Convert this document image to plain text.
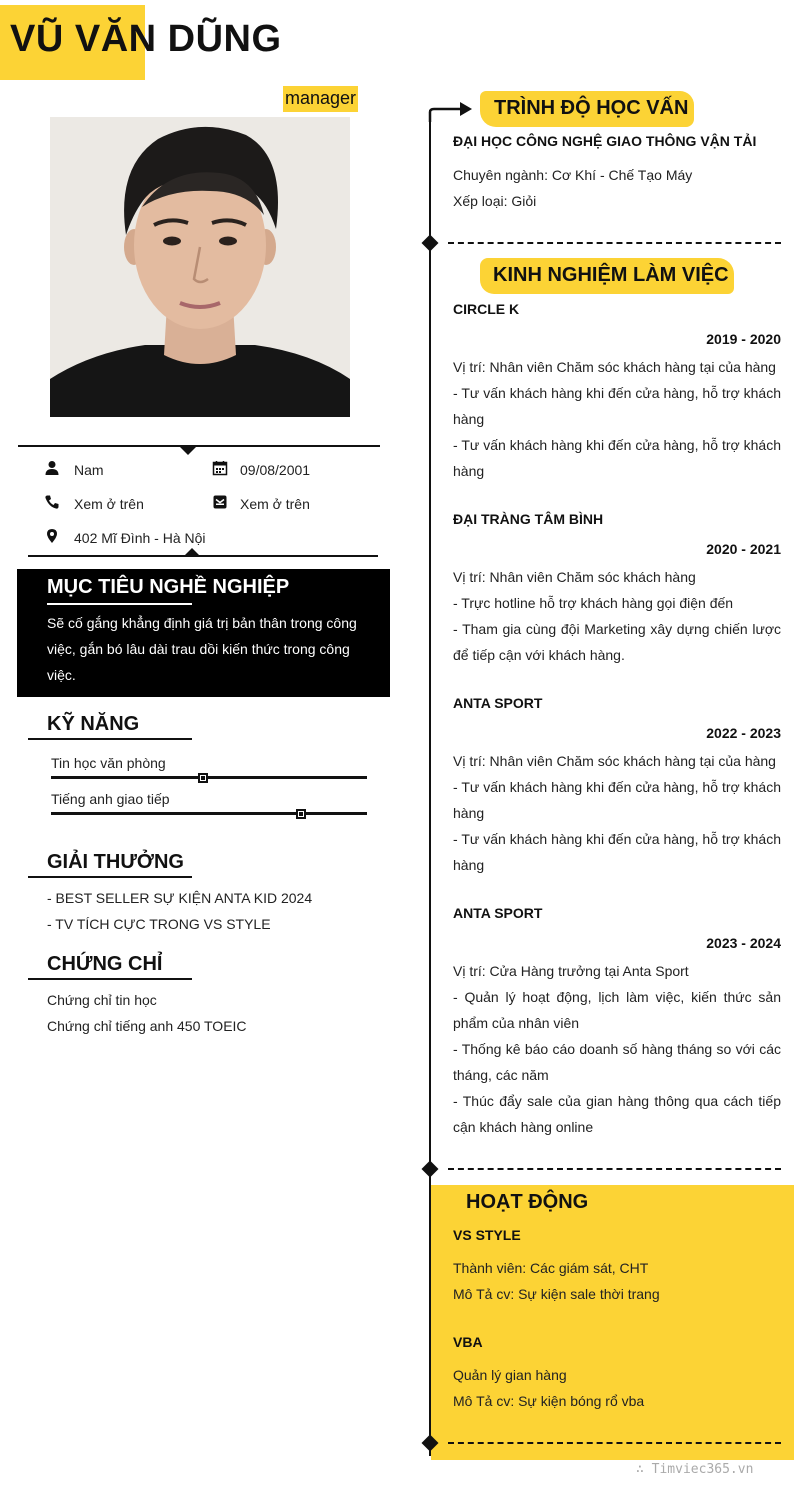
VŨ VĂN DŨNG
manager
Nam	09/08/2001
Xem ở trên	Xem ở trên
402 Mĩ Đình - Hà Nội
MỤC TIÊU NGHỀ NGHIỆP
Sẽ cố gắng khẳng định giá trị bản thân trong công
việc, gắn bó lâu dài trau dồi kiến thức trong công
việc.
KỸ NĂNG
Tin học văn phòng
Tiếng anh giao tiếp
GIẢI THƯỞNG
- BEST SELLER SỰ KIỆN ANTA KID 2024
- TV TÍCH CỰC TRONG VS STYLE
CHỨNG CHỈ
Chứng chỉ tin học
Chứng chỉ tiếng anh 450 TOEIC
TRÌNH ĐỘ HỌC VẤN
ĐẠI HỌC CÔNG NGHỆ GIAO THÔNG VẬN TẢI
Chuyên ngành: Cơ Khí - Chế Tạo Máy
Xếp loại: Giỏi
KINH NGHIỆM LÀM VIỆC
CIRCLE K
2019 - 2020
Vị trí: Nhân viên Chăm sóc khách hàng tại của hàng
- Tư vấn khách hàng khi đến cửa hàng, hỗ trợ khách hàng
- Tư vấn khách hàng khi đến cửa hàng, hỗ trợ khách hàng
ĐẠI TRÀNG TÂM BÌNH
2020 - 2021
Vị trí: Nhân viên Chăm sóc khách hàng
- Trực hotline hỗ trợ khách hàng gọi điện đến
- Tham gia cùng đội Marketing xây dựng chiến lược để tiếp cận với khách hàng.
ANTA SPORT
2022 - 2023
Vị trí: Nhân viên Chăm sóc khách hàng tại của hàng
- Tư vấn khách hàng khi đến cửa hàng, hỗ trợ khách hàng
- Tư vấn khách hàng khi đến cửa hàng, hỗ trợ khách hàng
ANTA SPORT
2023 - 2024
Vị trí: Cửa Hàng trưởng tại Anta Sport
- Quản lý hoạt động, lịch làm việc, kiến thức sản phẩm của nhân viên
- Thống kê báo cáo doanh số hàng tháng so với các tháng, các năm
- Thúc đẩy sale của gian hàng thông qua cách tiếp cận khách hàng online
HOẠT ĐỘNG
VS STYLE
Thành viên: Các giám sát, CHT
Mô Tả cv: Sự kiện sale thời trang
VBA
Quản lý gian hàng
Mô Tả cv: Sự kiện bóng rổ vba
∴ Timviec365.vn
